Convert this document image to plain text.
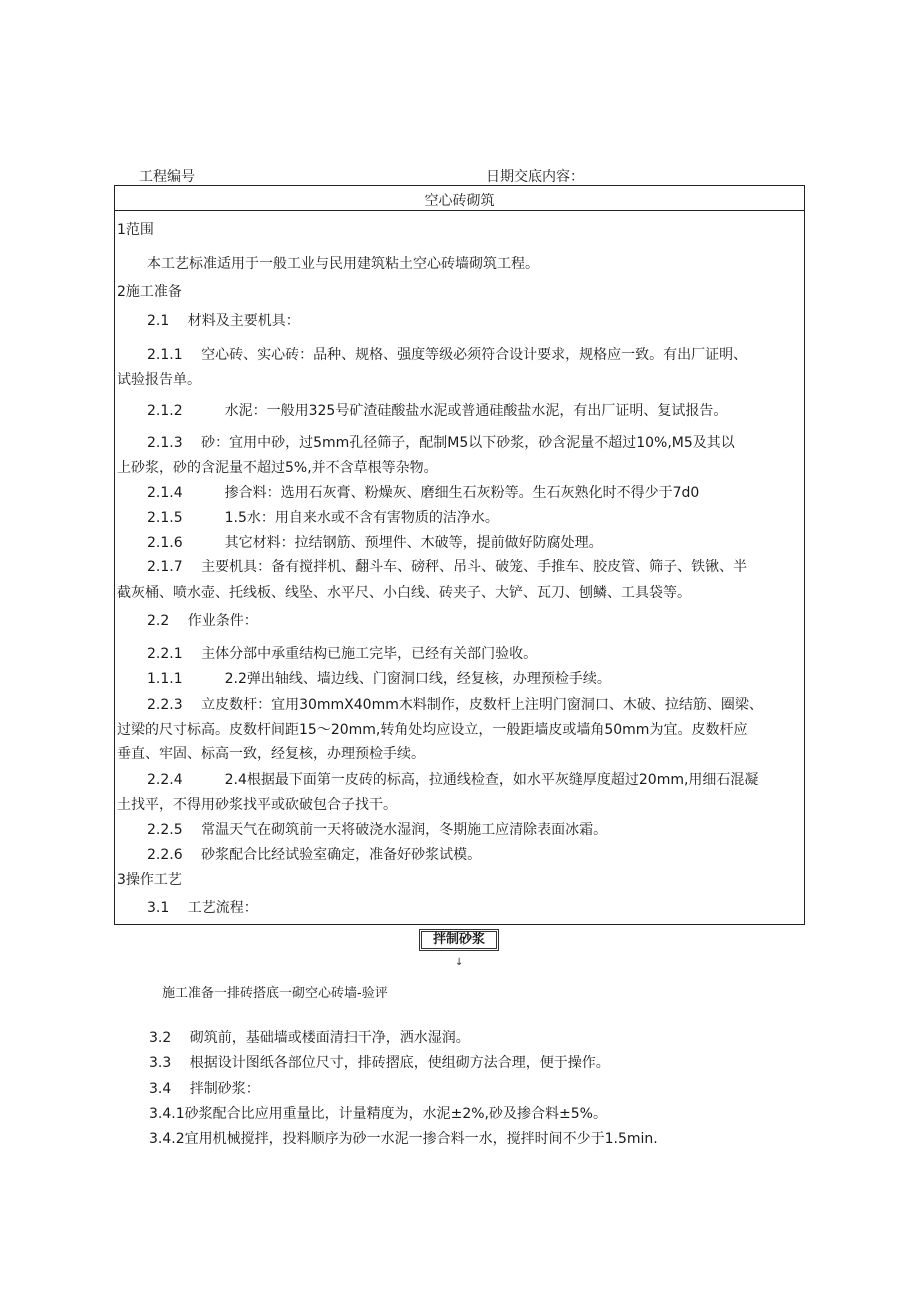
工程编号	日期交底内容：
空心砖砌筑
1范围
本工艺标准适用于一般工业与民用建筑粘土空心砖墙砌筑工程。
2施工准备
2.1　 材料及主要机具：
2.1.1　 空心砖、实心砖：品种、规格、强度等级必须符合设计要求，规格应一致。有出厂证明、
试验报告单。
2.1.2　　　水泥：一般用325号矿渣硅酸盐水泥或普通硅酸盐水泥，有出厂证明、复试报告。
2.1.3　 砂：宜用中砂，过5mm孔径筛子，配制M5以下砂浆，砂含泥量不超过10%,M5及其以
上砂浆，砂的含泥量不超过5%,并不含草根等杂物。
2.1.4　　　掺合料：选用石灰膏、粉燥灰、磨细生石灰粉等。生石灰熟化时不得少于7d0
2.1.5　　　1.5水：用自来水或不含有害物质的洁净水。
2.1.6　　　其它材料：拉结钢筋、预埋件、木破等，提前做好防腐处理。
2.1.7　 主要机具：备有搅拌机、翻斗车、磅秤、吊斗、破笼、手推车、胶皮管、筛子、铁锹、半
截灰桶、喷水壶、托线板、线坠、水平尺、小白线、砖夹子、大铲、瓦刀、刨鳞、工具袋等。
2.2　 作业条件：
2.2.1　 主体分部中承重结构已施工完毕，已经有关部门验收。
1.1.1　　　2.2弹出轴线、墙边线、门窗洞口线，经复核，办理预检手续。
2.2.3　 立皮数杆：宜用30mmX40mm木料制作，皮数杆上注明门窗洞口、木破、拉结筋、圈梁、
过梁的尺寸标高。皮数杆间距15～20mm,转角处均应设立，一般距墙皮或墙角50mm为宜。皮数杆应
垂直、牢固、标高一致，经复核，办理预检手续。
2.2.4　　　2.4根据最下面第一皮砖的标高，拉通线检查，如水平灰缝厚度超过20mm,用细石混凝
土找平，不得用砂浆找平或砍破包合子找干。
2.2.5　 常温天气在砌筑前一天将破浇水湿润，冬期施工应清除表面冰霜。
2.2.6　 砂浆配合比经试验室确定，准备好砂浆试模。
3操作工艺
3.1　 工艺流程：
拌制砂浆
↓
施工准备一排砖搭底一砌空心砖墙-验评
3.2　 砌筑前，基础墙或楼面清扫干净，洒水湿润。
3.3　 根据设计图纸各部位尺寸，排砖摺底，使组砌方法合理，便于操作。
3.4　 拌制砂浆：
3.4.1砂浆配合比应用重量比，计量精度为，水泥±2%,砂及掺合料±5%。
3.4.2宜用机械搅拌，投料顺序为砂一水泥一掺合料一水，搅拌时间不少于1.5min.
